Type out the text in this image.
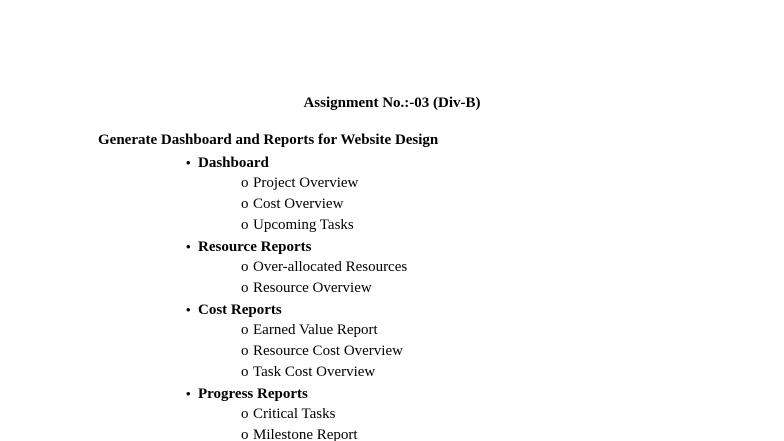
Assignment No.:-03 (Div-B)
Generate Dashboard and Reports for Website Design
• Dashboard
o Project Overview
o Cost Overview
o Upcoming Tasks
• Resource Reports
o Over-allocated Resources
o Resource Overview
• Cost Reports
o Earned Value Report
o Resource Cost Overview
o Task Cost Overview
• Progress Reports
o Critical Tasks
o Milestone Report
